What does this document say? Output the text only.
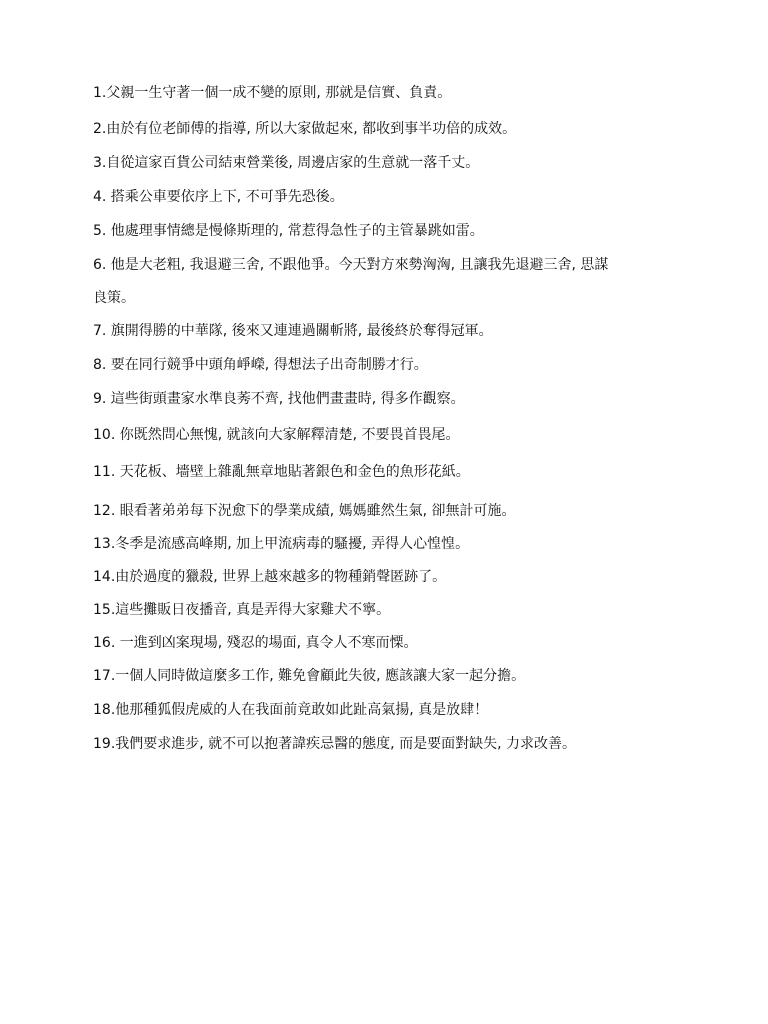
1.父親一生守著一個一成不變的原則, 那就是信實、負責。
2.由於有位老師傅的指導, 所以大家做起來, 都收到事半功倍的成效。
3.自從這家百貨公司結束營業後, 周邊店家的生意就一落千丈。
4. 搭乘公車要依序上下, 不可爭先恐後。
5. 他處理事情總是慢條斯理的, 常惹得急性子的主管暴跳如雷。
6. 他是大老粗, 我退避三舍, 不跟他爭。今天對方來勢洶洶, 且讓我先退避三舍, 思謀
良策。
7. 旗開得勝的中華隊, 後來又連連過關斬將, 最後終於奪得冠軍。
8. 要在同行競爭中頭角崢嶸, 得想法子出奇制勝才行。
9. 這些街頭畫家水準良莠不齊, 找他們畫畫時, 得多作觀察。
10. 你既然問心無愧, 就該向大家解釋清楚, 不要畏首畏尾。
11. 天花板、墻壁上雜亂無章地貼著銀色和金色的魚形花紙。
12. 眼看著弟弟每下況愈下的學業成績, 媽媽雖然生氣, 卻無計可施。
13.冬季是流感高峰期, 加上甲流病毒的騷擾, 弄得人心惶惶。
14.由於過度的獵殺, 世界上越來越多的物種銷聲匿跡了。
15.這些攤販日夜播音, 真是弄得大家雞犬不寧。
16. 一進到凶案現場, 殘忍的場面, 真令人不寒而慄。
17.一個人同時做這麼多工作, 難免會顧此失彼, 應該讓大家一起分擔。
18.他那種狐假虎威的人在我面前竟敢如此趾高氣揚, 真是放肆！
19.我們要求進步, 就不可以抱著諱疾忌醫的態度, 而是要面對缺失, 力求改善。
